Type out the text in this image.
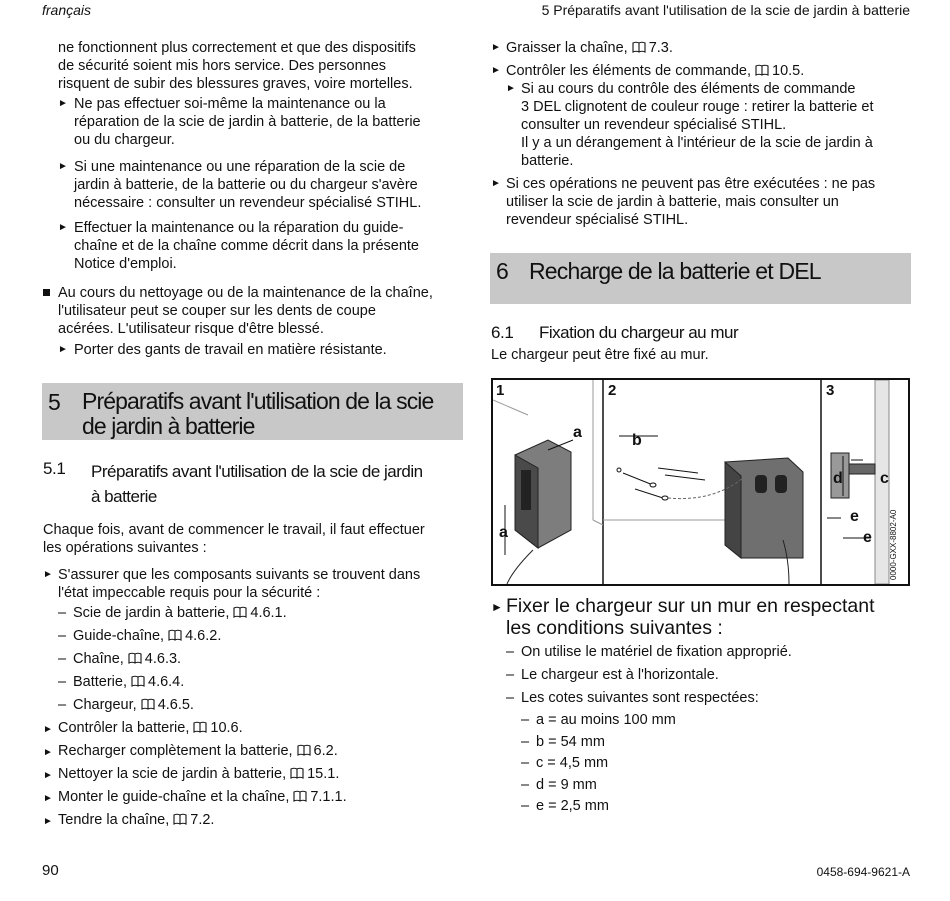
français	5 Préparatifs avant l'utilisation de la scie de jardin à batterie
ne fonctionnent plus correctement et que des dispositifs
de sécurité soient mis hors service. Des personnes
risquent de subir des blessures graves, voire mortelles.
► Ne pas effectuer soi-même la maintenance ou la
réparation de la scie de jardin à batterie, de la batterie
ou du chargeur.
► Si une maintenance ou une réparation de la scie de
jardin à batterie, de la batterie ou du chargeur s'avère
nécessaire : consulter un revendeur spécialisé STIHL.
► Effectuer la maintenance ou la réparation du guide-
chaîne et de la chaîne comme décrit dans la présente
Notice d'emploi.
Au cours du nettoyage ou de la maintenance de la chaîne,
l'utilisateur peut se couper sur les dents de coupe
acérées. L'utilisateur risque d'être blessé.
► Porter des gants de travail en matière résistante.
5 Préparatifs avant l'utilisation de la scie
de jardin à batterie
5.1 Préparatifs avant l'utilisation de la scie de jardin
à batterie
Chaque fois, avant de commencer le travail, il faut effectuer
les opérations suivantes :
► S'assurer que les composants suivants se trouvent dans
l'état impeccable requis pour la sécurité :
– Scie de jardin à batterie, 4.6.1.
– Guide-chaîne, 4.6.2.
– Chaîne, 4.6.3.
– Batterie, 4.6.4.
– Chargeur, 4.6.5.
► Contrôler la batterie, 10.6.
► Recharger complètement la batterie, 6.2.
► Nettoyer la scie de jardin à batterie, 15.1.
► Monter le guide-chaîne et la chaîne, 7.1.1.
► Tendre la chaîne, 7.2.
► Graisser la chaîne, 7.3.
► Contrôler les éléments de commande, 10.5.
► Si au cours du contrôle des éléments de commande
3 DEL clignotent de couleur rouge : retirer la batterie et
consulter un revendeur spécialisé STIHL.
Il y a un dérangement à l'intérieur de la scie de jardin à
batterie.
► Si ces opérations ne peuvent pas être exécutées : ne pas
utiliser la scie de jardin à batterie, mais consulter un
revendeur spécialisé STIHL.
6 Recharge de la batterie et DEL
6.1 Fixation du chargeur au mur
Le chargeur peut être fixé au mur.
1	2	3
a
a
b
c
d
e
e 0000-GXX-8802-A0
► Fixer le chargeur sur un mur en respectant
les conditions suivantes :
– On utilise le matériel de fixation approprié.
– Le chargeur est à l'horizontale.
– Les cotes suivantes sont respectées:
– a = au moins 100 mm
– b = 54 mm
– c = 4,5 mm
– d = 9 mm
– e = 2,5 mm
90	0458-694-9621-A
